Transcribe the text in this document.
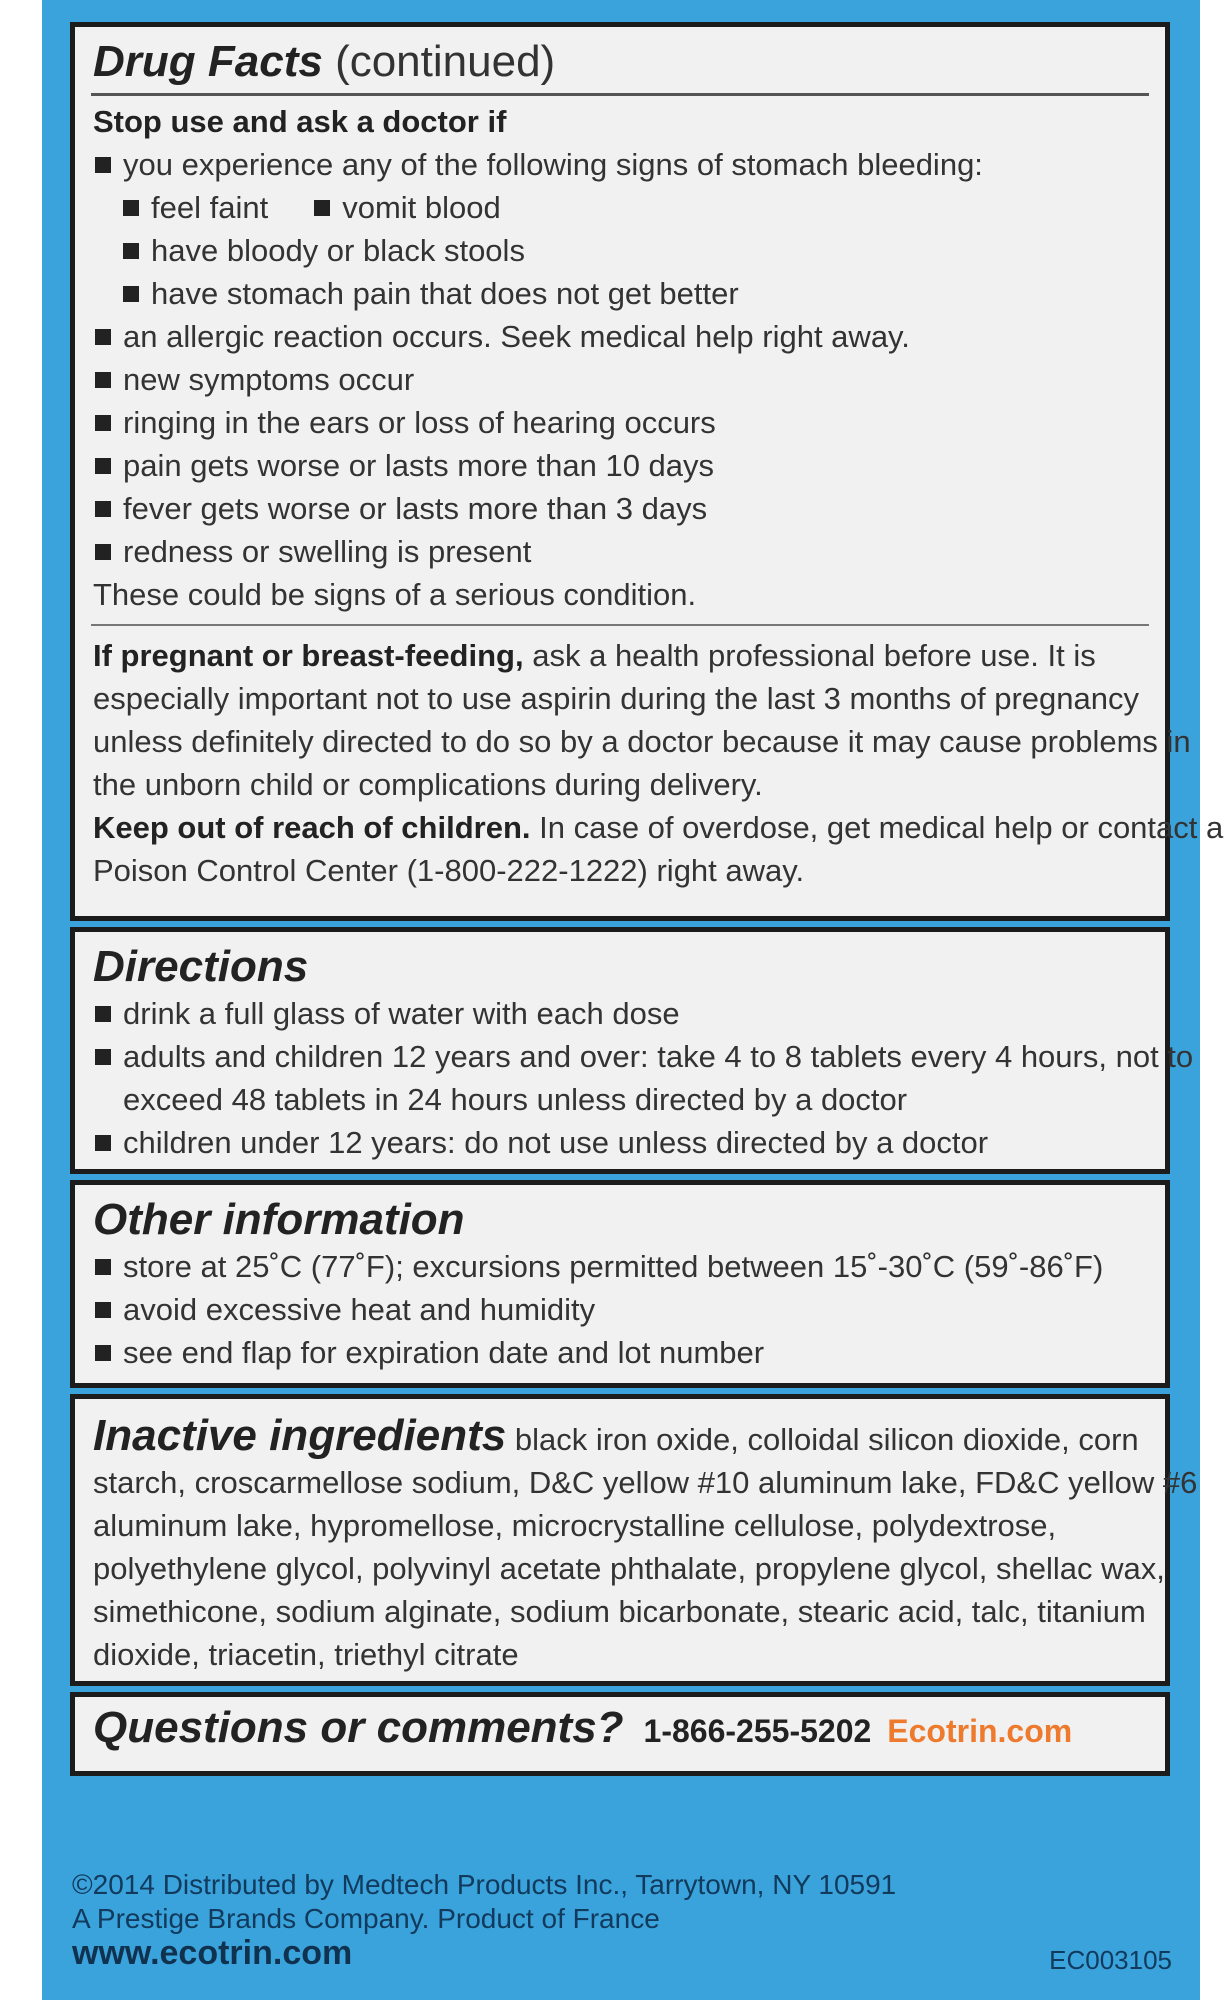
Drug Facts (continued)
Stop use and ask a doctor if
you experience any of the following signs of stomach bleeding:
feel faint	vomit blood
have bloody or black stools
have stomach pain that does not get better
an allergic reaction occurs. Seek medical help right away.
new symptoms occur
ringing in the ears or loss of hearing occurs
pain gets worse or lasts more than 10 days
fever gets worse or lasts more than 3 days
redness or swelling is present
These could be signs of a serious condition.
If pregnant or breast-feeding, ask a health professional before use. It is
especially important not to use aspirin during the last 3 months of pregnancy
unless definitely directed to do so by a doctor because it may cause problems in
the unborn child or complications during delivery.
Keep out of reach of children. In case of overdose, get medical help or contact a
Poison Control Center (1-800-222-1222) right away.
Directions
drink a full glass of water with each dose
adults and children 12 years and over: take 4 to 8 tablets every 4 hours, not to
exceed 48 tablets in 24 hours unless directed by a doctor
children under 12 years: do not use unless directed by a doctor
Other information
store at 25˚C (77˚F); excursions permitted between 15˚-30˚C (59˚-86˚F)
avoid excessive heat and humidity
see end flap for expiration date and lot number
Inactive ingredients black iron oxide, colloidal silicon dioxide, corn
starch, croscarmellose sodium, D&C yellow #10 aluminum lake, FD&C yellow #6
aluminum lake, hypromellose, microcrystalline cellulose, polydextrose,
polyethylene glycol, polyvinyl acetate phthalate, propylene glycol, shellac wax,
simethicone, sodium alginate, sodium bicarbonate, stearic acid, talc, titanium
dioxide, triacetin, triethyl citrate
Questions or comments? 1-866-255-5202 Ecotrin.com
©2014 Distributed by Medtech Products Inc., Tarrytown, NY 10591
A Prestige Brands Company. Product of France
www.ecotrin.com	EC003105
